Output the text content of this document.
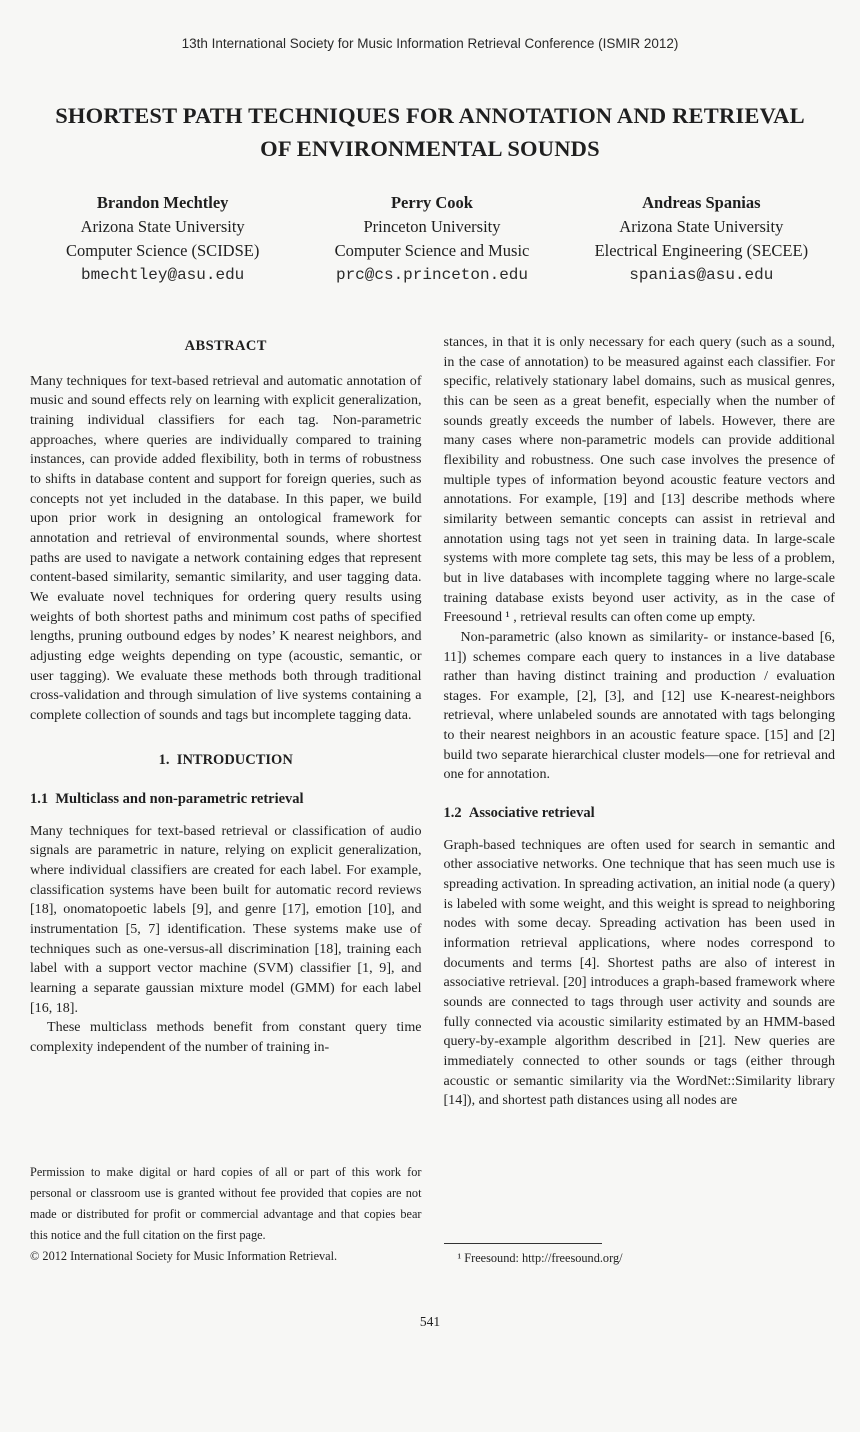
13th International Society for Music Information Retrieval Conference (ISMIR 2012)
SHORTEST PATH TECHNIQUES FOR ANNOTATION AND RETRIEVAL
OF ENVIRONMENTAL SOUNDS
Brandon Mechtley
Arizona State University
Computer Science (SCIDSE)
bmechtley@asu.edu
Perry Cook
Princeton University
Computer Science and Music
prc@cs.princeton.edu
Andreas Spanias
Arizona State University
Electrical Engineering (SECEE)
spanias@asu.edu
ABSTRACT

Many techniques for text-based retrieval and automatic annotation of music and sound effects rely on learning with explicit generalization, training individual classifiers for each tag. Non-parametric approaches, where queries are individually compared to training instances, can provide added flexibility, both in terms of robustness to shifts in database content and support for foreign queries, such as concepts not yet included in the database. In this paper, we build upon prior work in designing an ontological framework for annotation and retrieval of environmental sounds, where shortest paths are used to navigate a network containing edges that represent content-based similarity, semantic similarity, and user tagging data. We evaluate novel techniques for ordering query results using weights of both shortest paths and minimum cost paths of specified lengths, pruning outbound edges by nodes’ K nearest neighbors, and adjusting edge weights depending on type (acoustic, semantic, or user tagging). We evaluate these methods both through traditional cross-validation and through simulation of live systems containing a complete collection of sounds and tags but incomplete tagging data.

1. INTRODUCTION
1.1 Multiclass and non-parametric retrieval

Many techniques for text-based retrieval or classification of audio signals are parametric in nature, relying on explicit generalization, where individual classifiers are created for each label. For example, classification systems have been built for automatic record reviews [18], onomatopoetic labels [9], and genre [17], emotion [10], and instrumentation [5, 7] identification. These systems make use of techniques such as one-versus-all discrimination [18], training each label with a support vector machine (SVM) classifier [1, 9], and learning a separate gaussian mixture model (GMM) for each label [16, 18].

These multiclass methods benefit from constant query time complexity independent of the number of training in-

Permission to make digital or hard copies of all or part of this work for personal or classroom use is granted without fee provided that copies are not made or distributed for profit or commercial advantage and that copies bear this notice and the full citation on the first page.

© 2012 International Society for Music Information Retrieval.

stances, in that it is only necessary for each query (such as a sound, in the case of annotation) to be measured against each classifier. For specific, relatively stationary label domains, such as musical genres, this can be seen as a great benefit, especially when the number of sounds greatly exceeds the number of labels. However, there are many cases where non-parametric models can provide additional flexibility and robustness. One such case involves the presence of multiple types of information beyond acoustic feature vectors and annotations. For example, [19] and [13] describe methods where similarity between semantic concepts can assist in retrieval and annotation using tags not yet seen in training data. In large-scale systems with more complete tag sets, this may be less of a problem, but in live databases with incomplete tagging where no large-scale training database exists beyond user activity, as in the case of Freesound ¹ , retrieval results can often come up empty.

Non-parametric (also known as similarity- or instance-based [6, 11]) schemes compare each query to instances in a live database rather than having distinct training and production / evaluation stages. For example, [2], [3], and [12] use K-nearest-neighbors retrieval, where unlabeled sounds are annotated with tags belonging to their nearest neighbors in an acoustic feature space. [15] and [2] build two separate hierarchical cluster models—one for retrieval and one for annotation.

1.2 Associative retrieval

Graph-based techniques are often used for search in semantic and other associative networks. One technique that has seen much use is spreading activation. In spreading activation, an initial node (a query) is labeled with some weight, and this weight is spread to neighboring nodes with some decay. Spreading activation has been used in information retrieval applications, where nodes correspond to documents and terms [4]. Shortest paths are also of interest in associative retrieval. [20] introduces a graph-based framework where sounds are connected to tags through user activity and sounds are fully connected via acoustic similarity estimated by an HMM-based query-by-example algorithm described in [21]. New queries are immediately connected to other sounds or tags (either through acoustic or semantic similarity via the WordNet::Similarity library [14]), and shortest path distances using all nodes are

¹ Freesound: http://freesound.org/
541
